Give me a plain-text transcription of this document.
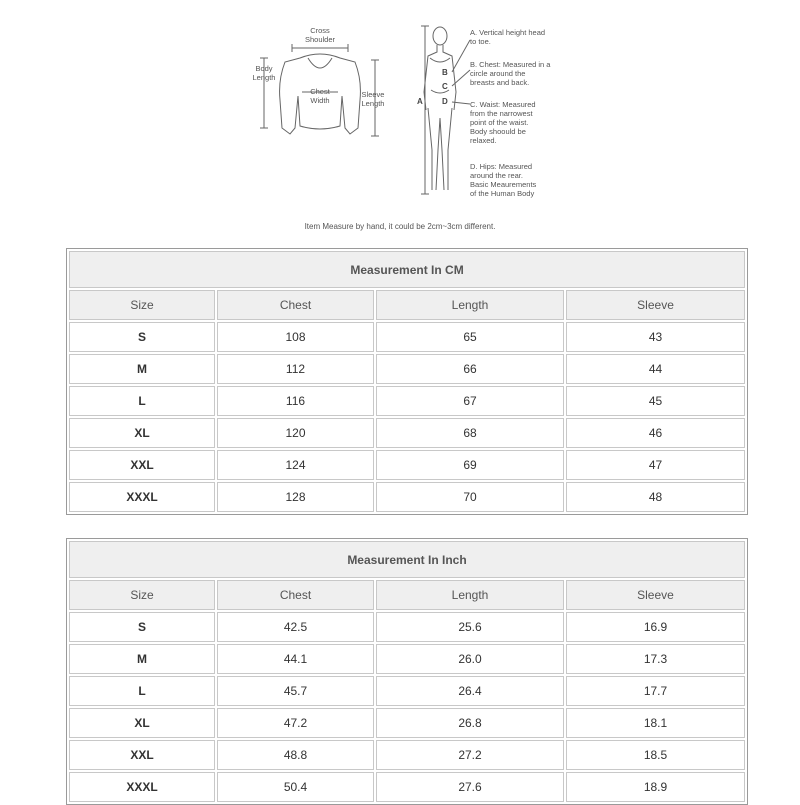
Cross
Shoulder
Body
Length
Chest
Width
Sleeve
Length	A
B
C
D
A. Vertical height head
to toe.
B. Chest: Measured in a
circle around the
breasts and back.
C. Waist: Measured
from the narrowest
point of the waist.
Body shoould be
relaxed.
D. Hips: Measured
around the rear.
Basic Meaurements
of the Human Body
Item Measure by hand, it could be 2cm~3cm different.
Measurement In CM			
Size	Chest	Length	Sleeve
S	108	65	43
M	112	66	44
L	116	67	45
XL	120	68	46
XXL	124	69	47
XXXL	128	70	48
Measurement In Inch			
Size	Chest	Length	Sleeve
S	42.5	25.6	16.9
M	44.1	26.0	17.3
L	45.7	26.4	17.7
XL	47.2	26.8	18.1
XXL	48.8	27.2	18.5
XXXL	50.4	27.6	18.9
